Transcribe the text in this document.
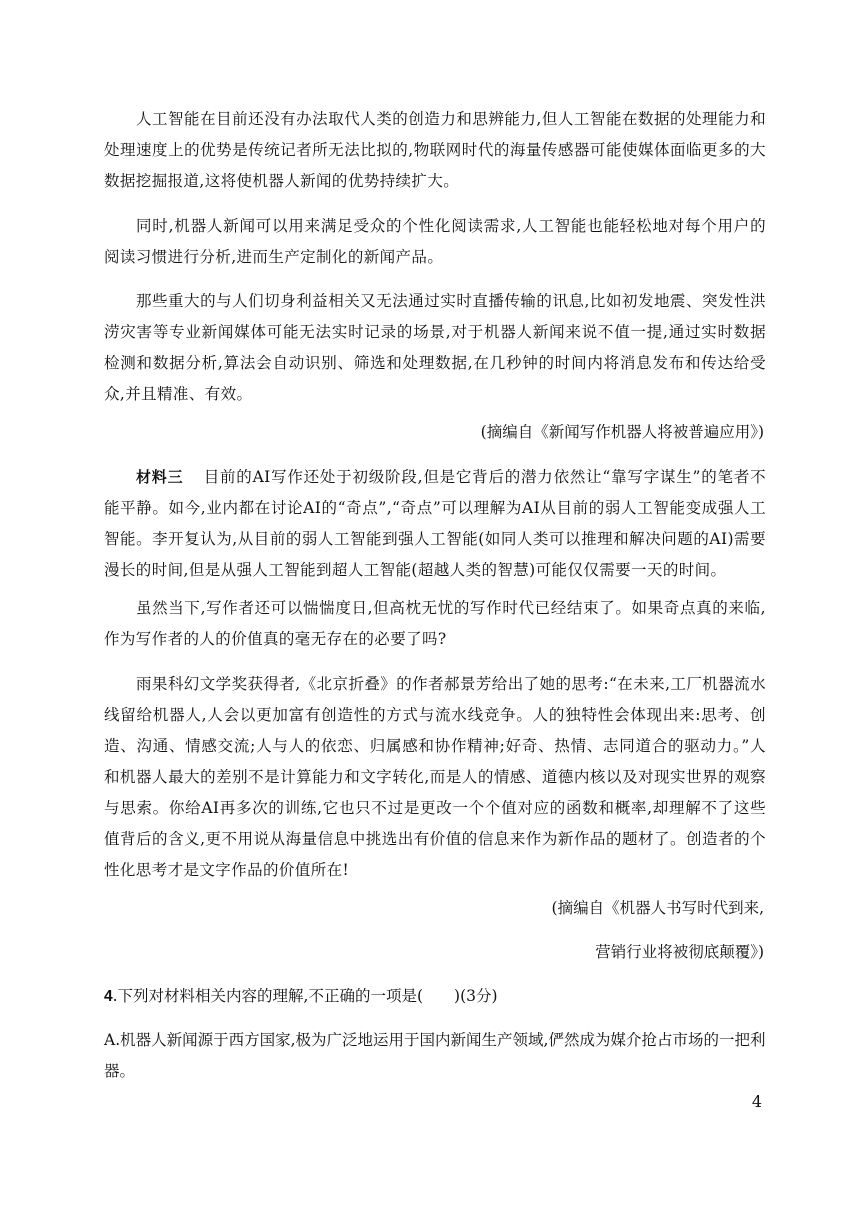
人工智能在目前还没有办法取代人类的创造力和思辨能力,但人工智能在数据的处理能力和处理速度上的优势是传统记者所无法比拟的,物联网时代的海量传感器可能使媒体面临更多的大数据挖掘报道,这将使机器人新闻的优势持续扩大。

同时,机器人新闻可以用来满足受众的个性化阅读需求,人工智能也能轻松地对每个用户的阅读习惯进行分析,进而生产定制化的新闻产品。

那些重大的与人们切身利益相关又无法通过实时直播传输的讯息,比如初发地震、突发性洪涝灾害等专业新闻媒体可能无法实时记录的场景,对于机器人新闻来说不值一提,通过实时数据检测和数据分析,算法会自动识别、筛选和处理数据,在几秒钟的时间内将消息发布和传达给受众,并且精准、有效。

(摘编自《新闻写作机器人将被普遍应用》)

材料三 目前的AI写作还处于初级阶段,但是它背后的潜力依然让“靠写字谋生”的笔者不能平静。如今,业内都在讨论AI的“奇点”,“奇点”可以理解为AI从目前的弱人工智能变成强人工智能。李开复认为,从目前的弱人工智能到强人工智能(如同人类可以推理和解决问题的AI)需要漫长的时间,但是从强人工智能到超人工智能(超越人类的智慧)可能仅仅需要一天的时间。

虽然当下,写作者还可以惴惴度日,但高枕无忧的写作时代已经结束了。如果奇点真的来临,作为写作者的人的价值真的毫无存在的必要了吗?

雨果科幻文学奖获得者,《北京折叠》的作者郝景芳给出了她的思考:“在未来,工厂机器流水线留给机器人,人会以更加富有创造性的方式与流水线竞争。人的独特性会体现出来:思考、创造、沟通、情感交流;人与人的依恋、归属感和协作精神;好奇、热情、志同道合的驱动力。”人和机器人最大的差别不是计算能力和文字转化,而是人的情感、道德内核以及对现实世界的观察与思索。你给AI再多次的训练,它也只不过是更改一个个值对应的函数和概率,却理解不了这些值背后的含义,更不用说从海量信息中挑选出有价值的信息来作为新作品的题材了。创造者的个性化思考才是文字作品的价值所在!

(摘编自《机器人书写时代到来,

营销行业将被彻底颠覆》)

4.下列对材料相关内容的理解,不正确的一项是(　　)(3分)

A.机器人新闻源于西方国家,极为广泛地运用于国内新闻生产领域,俨然成为媒介抢占市场的一把利器。

4
